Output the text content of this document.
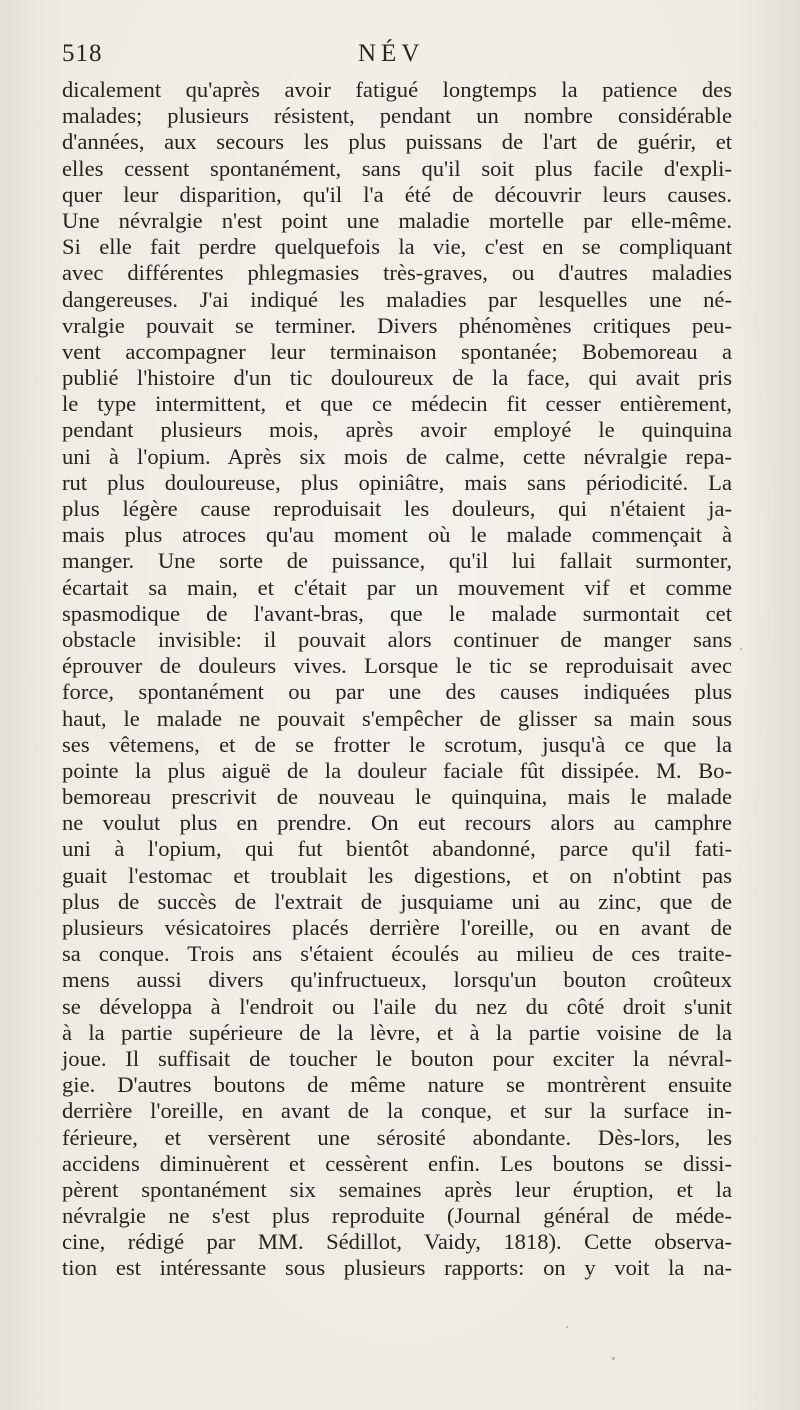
518	NÉV
dicalement qu'après avoir fatigué longtemps la patience des
malades; plusieurs résistent, pendant un nombre considérable
d'années, aux secours les plus puissans de l'art de guérir, et
elles cessent spontanément, sans qu'il soit plus facile d'expli-
quer leur disparition, qu'il l'a été de découvrir leurs causes.
Une névralgie n'est point une maladie mortelle par elle-même.
Si elle fait perdre quelquefois la vie, c'est en se compliquant
avec différentes phlegmasies très-graves, ou d'autres maladies
dangereuses. J'ai indiqué les maladies par lesquelles une né-
vralgie pouvait se terminer. Divers phénomènes critiques peu-
vent accompagner leur terminaison spontanée; Bobemoreau a
publié l'histoire d'un tic douloureux de la face, qui avait pris
le type intermittent, et que ce médecin fit cesser entièrement,
pendant plusieurs mois, après avoir employé le quinquina
uni à l'opium. Après six mois de calme, cette névralgie repa-
rut plus douloureuse, plus opiniâtre, mais sans périodicité. La
plus légère cause reproduisait les douleurs, qui n'étaient ja-
mais plus atroces qu'au moment où le malade commençait à
manger. Une sorte de puissance, qu'il lui fallait surmonter,
écartait sa main, et c'était par un mouvement vif et comme
spasmodique de l'avant-bras, que le malade surmontait cet
obstacle invisible: il pouvait alors continuer de manger sans
éprouver de douleurs vives. Lorsque le tic se reproduisait avec
force, spontanément ou par une des causes indiquées plus
haut, le malade ne pouvait s'empêcher de glisser sa main sous
ses vêtemens, et de se frotter le scrotum, jusqu'à ce que la
pointe la plus aiguë de la douleur faciale fût dissipée. M. Bo-
bemoreau prescrivit de nouveau le quinquina, mais le malade
ne voulut plus en prendre. On eut recours alors au camphre
uni à l'opium, qui fut bientôt abandonné, parce qu'il fati-
guait l'estomac et troublait les digestions, et on n'obtint pas
plus de succès de l'extrait de jusquiame uni au zinc, que de
plusieurs vésicatoires placés derrière l'oreille, ou en avant de
sa conque. Trois ans s'étaient écoulés au milieu de ces traite-
mens aussi divers qu'infructueux, lorsqu'un bouton croûteux
se développa à l'endroit ou l'aile du nez du côté droit s'unit
à la partie supérieure de la lèvre, et à la partie voisine de la
joue. Il suffisait de toucher le bouton pour exciter la névral-
gie. D'autres boutons de même nature se montrèrent ensuite
derrière l'oreille, en avant de la conque, et sur la surface in-
férieure, et versèrent une sérosité abondante. Dès-lors, les
accidens diminuèrent et cessèrent enfin. Les boutons se dissi-
pèrent spontanément six semaines après leur éruption, et la
névralgie ne s'est plus reproduite (Journal général de méde-
cine, rédigé par MM. Sédillot, Vaidy, 1818). Cette observa-
tion est intéressante sous plusieurs rapports: on y voit la na-
